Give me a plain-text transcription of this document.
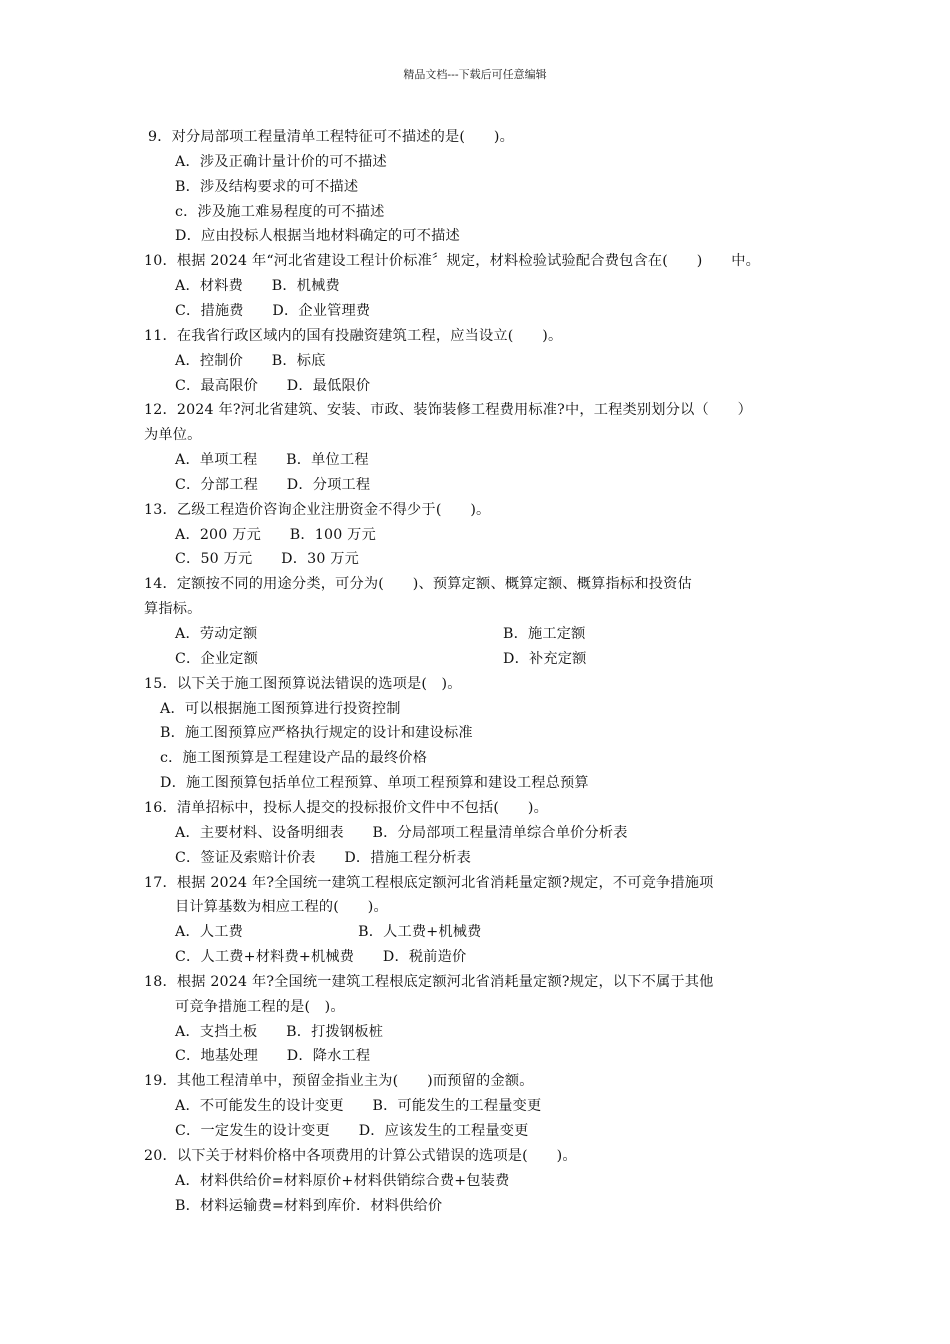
精品文档---下载后可任意编辑
9．对分局部项工程量清单工程特征可不描述的是(　　)。
A．涉及正确计量计价的可不描述
B．涉及结构要求的可不描述
c．涉及施工难易程度的可不描述
D．应由投标人根据当地材料确定的可不描述
10．根据 2024 年“河北省建设工程计价标准〞规定，材料检验试验配合费包含在(　　)　　中。
A．材料费　　B．机械费
C．措施费　　D．企业管理费
11．在我省行政区域内的国有投融资建筑工程，应当设立(　　)。
A．控制价　　B．标底
C．最高限价　　D．最低限价
12．2024 年?河北省建筑、安装、市政、装饰装修工程费用标准?中，工程类别划分以（　　）
为单位。
A．单项工程　　B．单位工程
C．分部工程　　D．分项工程
13．乙级工程造价咨询企业注册资金不得少于(　　)。
A．200 万元　　B．100 万元
C．50 万元　　D．30 万元
14．定额按不同的用途分类，可分为(　　)、预算定额、概算定额、概算指标和投资估
算指标。
A．劳动定额	B．施工定额
C．企业定额	D．补充定额
15．以下关于施工图预算说法错误的选项是(　)。
A．可以根据施工图预算进行投资控制
B．施工图预算应严格执行规定的设计和建设标准
c．施工图预算是工程建设产品的最终价格
D．施工图预算包括单位工程预算、单项工程预算和建设工程总预算
16．清单招标中，投标人提交的投标报价文件中不包括(　　)。
A．主要材料、设备明细表　　B．分局部项工程量清单综合单价分析表
C．签证及索赔计价表　　D．措施工程分析表
17．根据 2024 年?全国统一建筑工程根底定额河北省消耗量定额?规定，不可竞争措施项
目计算基数为相应工程的(　　)。
A．人工费　　　　　　　　B．人工费+机械费
C．人工费+材料费+机械费　　D．税前造价
18．根据 2024 年?全国统一建筑工程根底定额河北省消耗量定额?规定，以下不属于其他
可竞争措施工程的是(　)。
A．支挡土板　　B．打拨钢板桩
C．地基处理　　D．降水工程
19．其他工程清单中，预留金指业主为(　　)而预留的金额。
A．不可能发生的设计变更　　B．可能发生的工程量变更
C．一定发生的设计变更　　D．应该发生的工程量变更
20．以下关于材料价格中各项费用的计算公式错误的选项是(　　)。
A．材料供给价=材料原价+材料供销综合费+包装费
B．材料运输费=材料到库价．材料供给价
